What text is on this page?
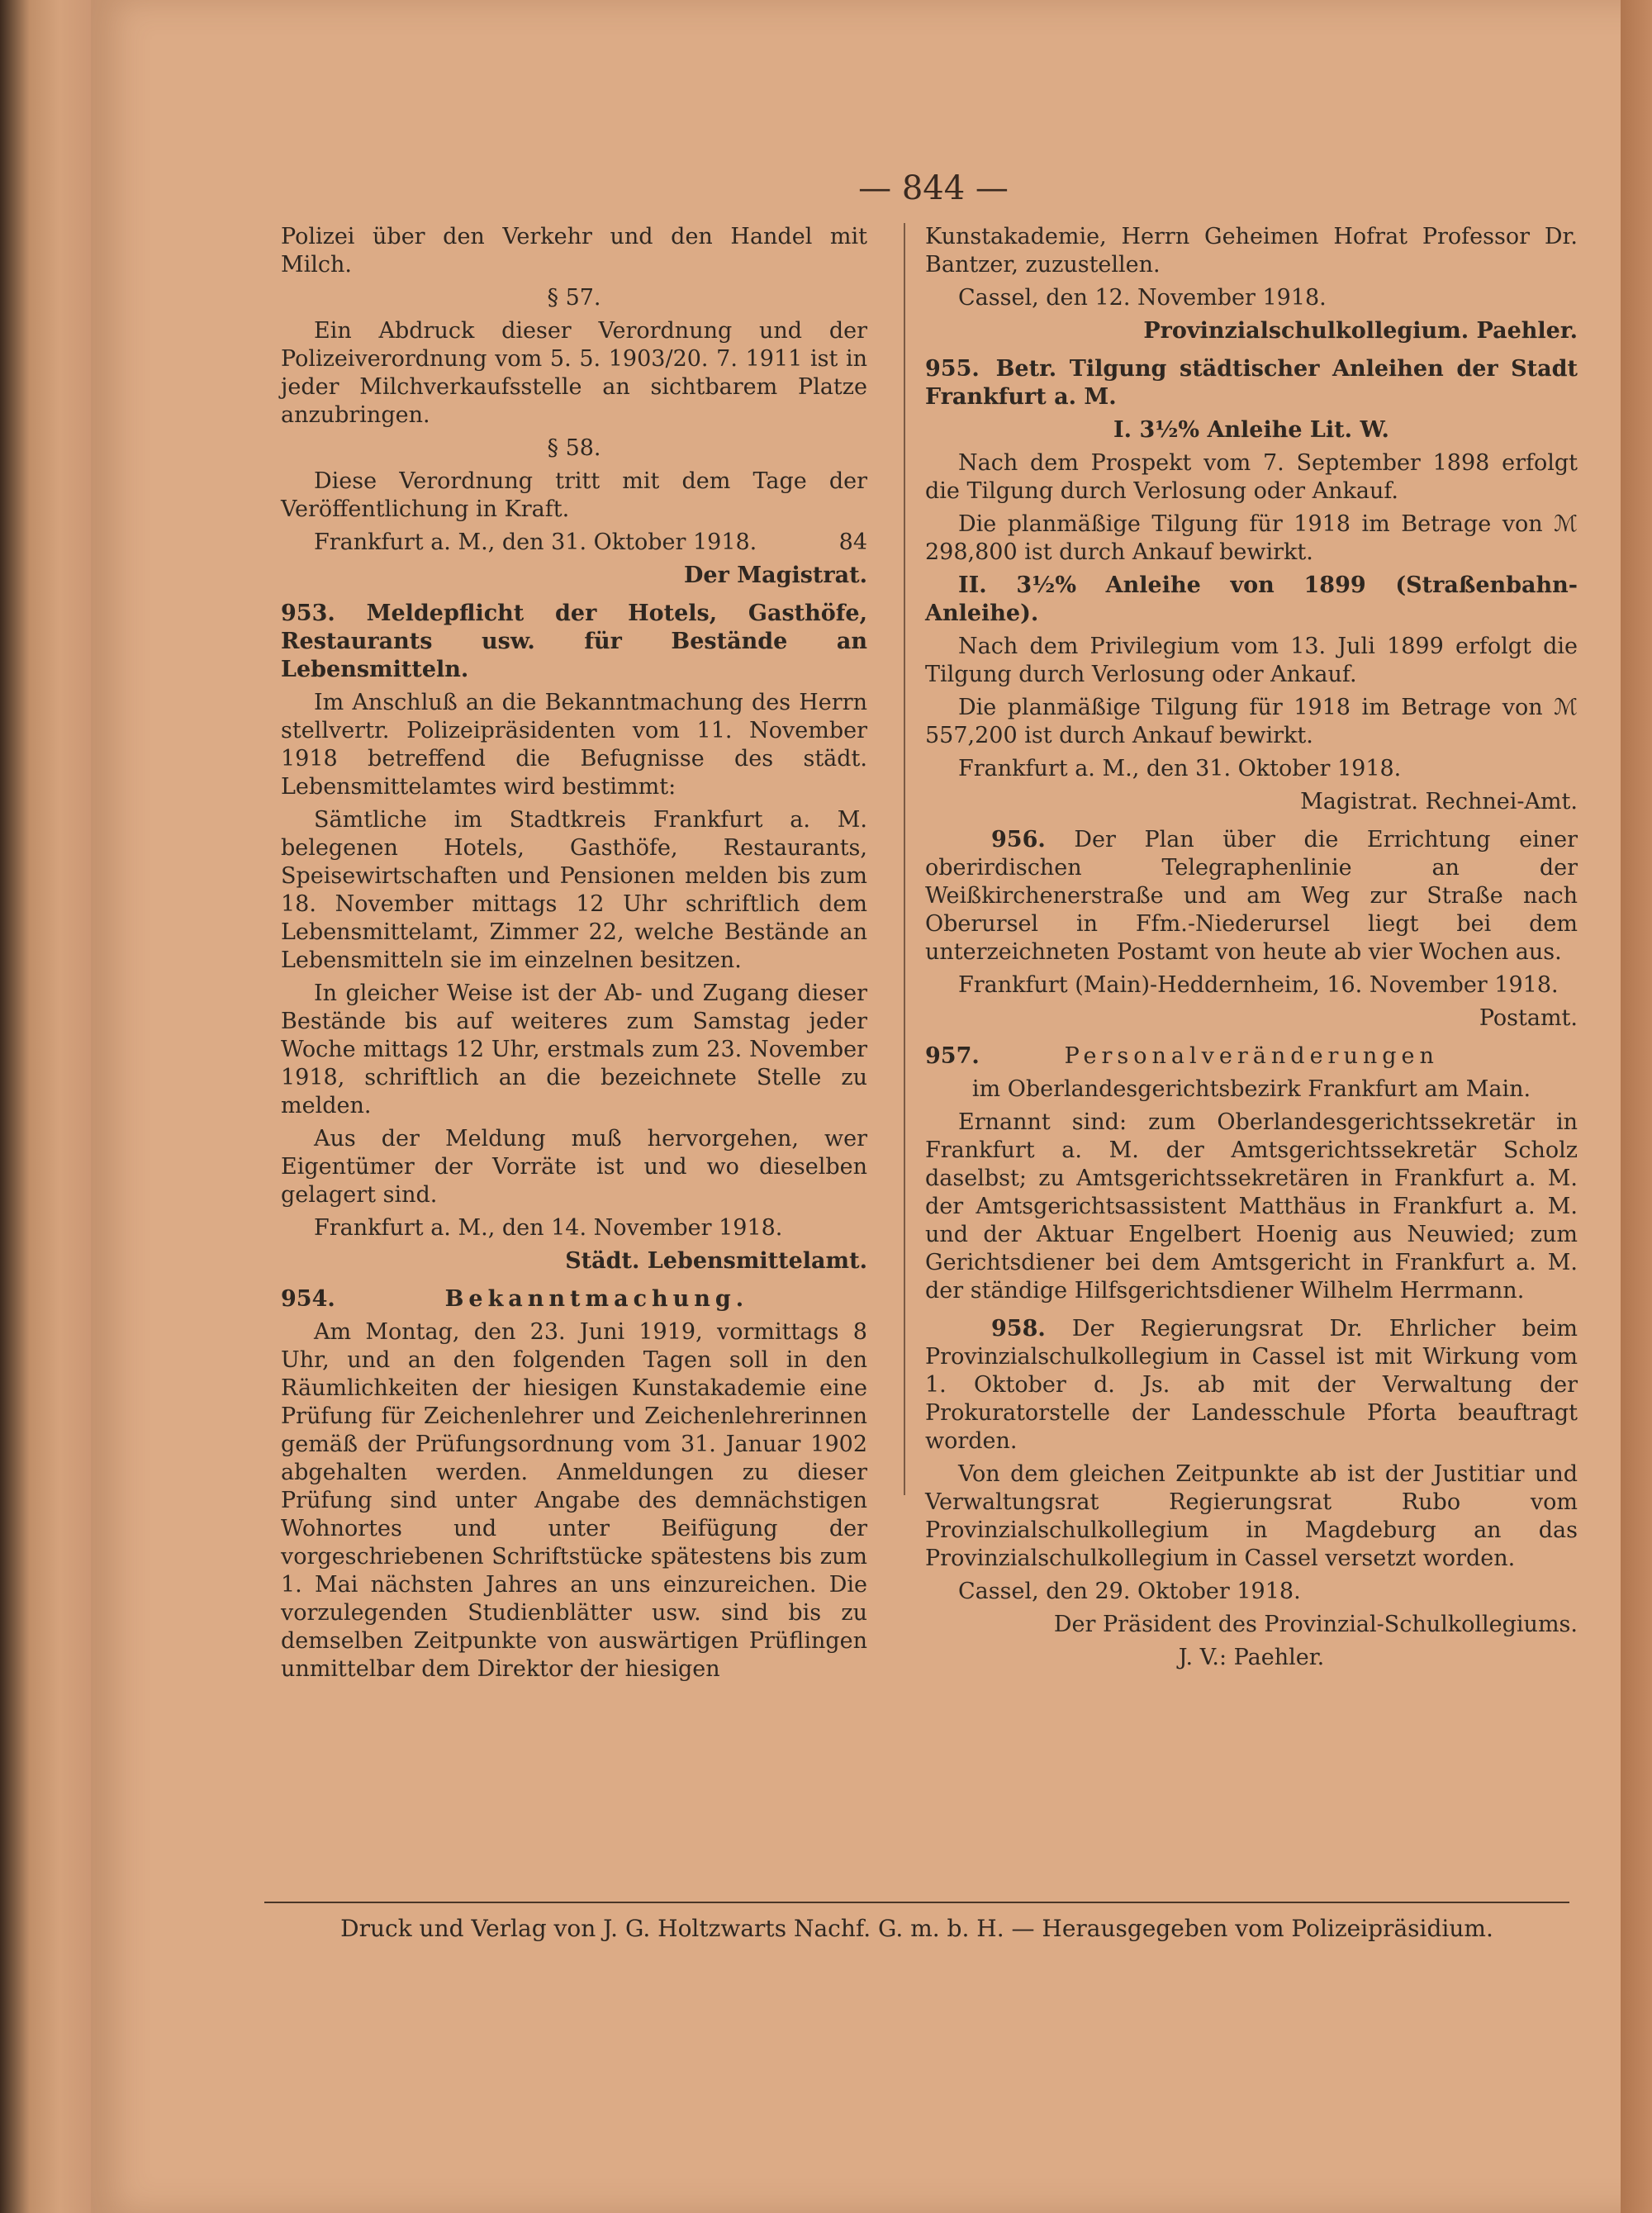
— 844 —

Polizei über den Verkehr und den Handel mit Milch.

§ 57.

Ein Abdruck dieser Verordnung und der Polizeiverordnung vom 5. 5. 1903/20. 7. 1911 ist in jeder Milchverkaufsstelle an sichtbarem Platze anzubringen.

§ 58.

Diese Verordnung tritt mit dem Tage der Veröffentlichung in Kraft.

Frankfurt a. M., den 31. Oktober 1918.	84

Der Magistrat.

953. Meldepflicht der Hotels, Gasthöfe, Restaurants usw. für Bestände an Lebensmitteln.

Im Anschluß an die Bekanntmachung des Herrn stellvertr. Polizeipräsidenten vom 11. November 1918 betreffend die Befugnisse des städt. Lebensmittelamtes wird bestimmt:

Sämtliche im Stadtkreis Frankfurt a. M. belegenen Hotels, Gasthöfe, Restaurants, Speisewirtschaften und Pensionen melden bis zum 18. November mittags 12 Uhr schriftlich dem Lebensmittelamt, Zimmer 22, welche Bestände an Lebensmitteln sie im einzelnen besitzen.

In gleicher Weise ist der Ab- und Zugang dieser Bestände bis auf weiteres zum Samstag jeder Woche mittags 12 Uhr, erstmals zum 23. November 1918, schriftlich an die bezeichnete Stelle zu melden.

Aus der Meldung muß hervorgehen, wer Eigentümer der Vorräte ist und wo dieselben gelagert sind.

Frankfurt a. M., den 14. November 1918.

Städt. Lebensmittelamt.

954.	Bekanntmachung.

Am Montag, den 23. Juni 1919, vormittags 8 Uhr, und an den folgenden Tagen soll in den Räumlichkeiten der hiesigen Kunstakademie eine Prüfung für Zeichenlehrer und Zeichenlehrerinnen gemäß der Prüfungsordnung vom 31. Januar 1902 abgehalten werden. Anmeldungen zu dieser Prüfung sind unter Angabe des demnächstigen Wohnortes und unter Beifügung der vorgeschriebenen Schriftstücke spätestens bis zum 1. Mai nächsten Jahres an uns einzureichen. Die vorzulegenden Studienblätter usw. sind bis zu demselben Zeitpunkte von auswärtigen Prüflingen unmittelbar dem Direktor der hiesigen

Kunstakademie, Herrn Geheimen Hofrat Professor Dr. Bantzer, zuzustellen.

Cassel, den 12. November 1918.

Provinzialschulkollegium. Paehler.

955. Betr. Tilgung städtischer Anleihen der Stadt Frankfurt a. M.

I. 3½% Anleihe Lit. W.

Nach dem Prospekt vom 7. September 1898 erfolgt die Tilgung durch Verlosung oder Ankauf.

Die planmäßige Tilgung für 1918 im Betrage von ℳ 298,800 ist durch Ankauf bewirkt.

II. 3½% Anleihe von 1899 (Straßenbahn-Anleihe).

Nach dem Privilegium vom 13. Juli 1899 erfolgt die Tilgung durch Verlosung oder Ankauf.

Die planmäßige Tilgung für 1918 im Betrage von ℳ 557,200 ist durch Ankauf bewirkt.

Frankfurt a. M., den 31. Oktober 1918.

Magistrat. Rechnei-Amt.

956. Der Plan über die Errichtung einer oberirdischen Telegraphenlinie an der Weißkirchenerstraße und am Weg zur Straße nach Oberursel in Ffm.-Niederursel liegt bei dem unterzeichneten Postamt von heute ab vier Wochen aus.

Frankfurt (Main)-Heddernheim, 16. November 1918.

Postamt.

957.	Personalveränderungen

im Oberlandesgerichtsbezirk Frankfurt am Main.

Ernannt sind: zum Oberlandesgerichtssekretär in Frankfurt a. M. der Amtsgerichtssekretär Scholz daselbst; zu Amtsgerichtssekretären in Frankfurt a. M. der Amtsgerichtsassistent Matthäus in Frankfurt a. M. und der Aktuar Engelbert Hoenig aus Neuwied; zum Gerichtsdiener bei dem Amtsgericht in Frankfurt a. M. der ständige Hilfsgerichtsdiener Wilhelm Herrmann.

958. Der Regierungsrat Dr. Ehrlicher beim Provinzialschulkollegium in Cassel ist mit Wirkung vom 1. Oktober d. Js. ab mit der Verwaltung der Prokuratorstelle der Landesschule Pforta beauftragt worden.

Von dem gleichen Zeitpunkte ab ist der Justitiar und Verwaltungsrat Regierungsrat Rubo vom Provinzialschulkollegium in Magdeburg an das Provinzialschulkollegium in Cassel versetzt worden.

Cassel, den 29. Oktober 1918.

Der Präsident des Provinzial-Schulkollegiums.

J. V.: Paehler.

Druck und Verlag von J. G. Holtzwarts Nachf. G. m. b. H. — Herausgegeben vom Polizeipräsidium.
